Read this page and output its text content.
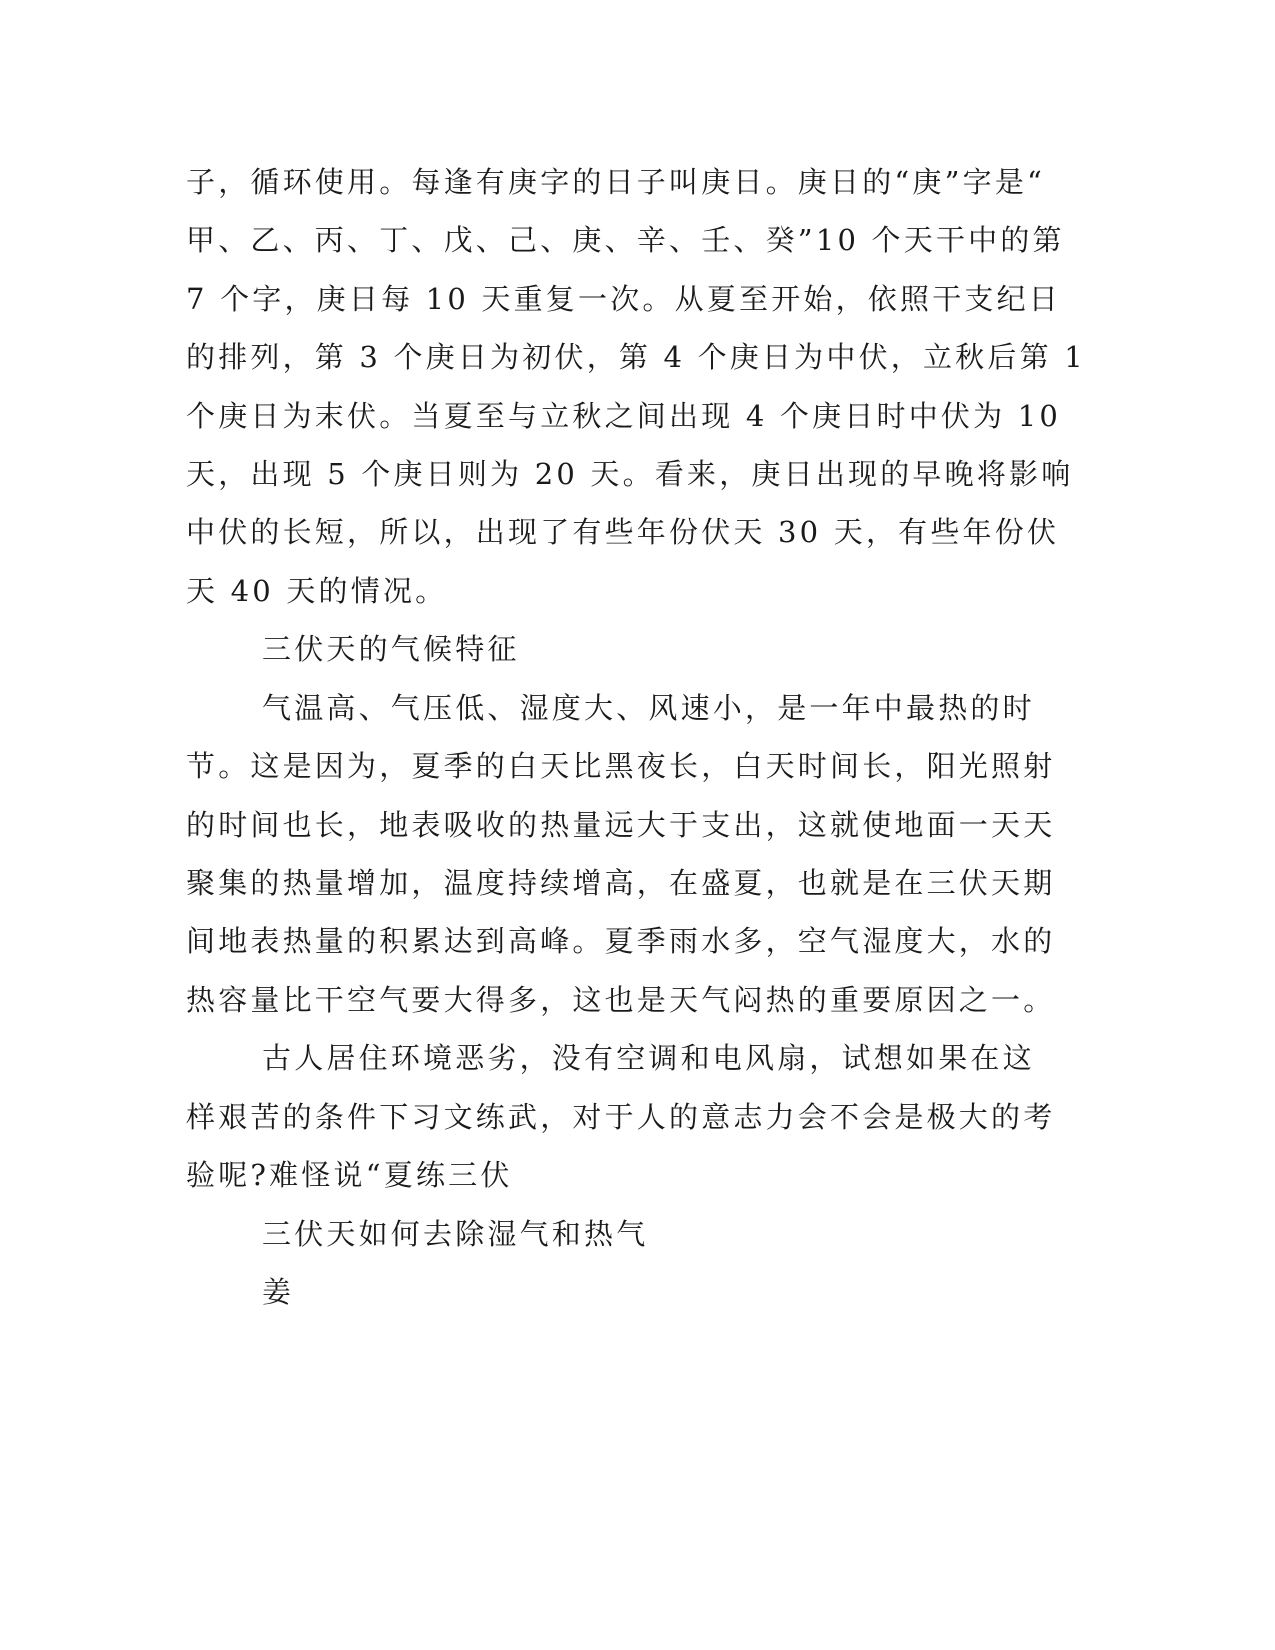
子，循环使用。每逢有庚字的日子叫庚日。庚日的“庚”字是“
甲、乙、丙、丁、戊、己、庚、辛、壬、癸”10 个天干中的第
7 个字，庚日每 10 天重复一次。从夏至开始，依照干支纪日
的排列，第 3 个庚日为初伏，第 4 个庚日为中伏，立秋后第 1
个庚日为末伏。当夏至与立秋之间出现 4 个庚日时中伏为 10
天，出现 5 个庚日则为 20 天。看来，庚日出现的早晚将影响
中伏的长短，所以，出现了有些年份伏天 30 天，有些年份伏
天 40 天的情况。
三伏天的气候特征
气温高、气压低、湿度大、风速小，是一年中最热的时
节。这是因为，夏季的白天比黑夜长，白天时间长，阳光照射
的时间也长，地表吸收的热量远大于支出，这就使地面一天天
聚集的热量增加，温度持续增高，在盛夏，也就是在三伏天期
间地表热量的积累达到高峰。夏季雨水多，空气湿度大，水的
热容量比干空气要大得多，这也是天气闷热的重要原因之一。
古人居住环境恶劣，没有空调和电风扇，试想如果在这
样艰苦的条件下习文练武，对于人的意志力会不会是极大的考
验呢?难怪说“夏练三伏
三伏天如何去除湿气和热气
姜
